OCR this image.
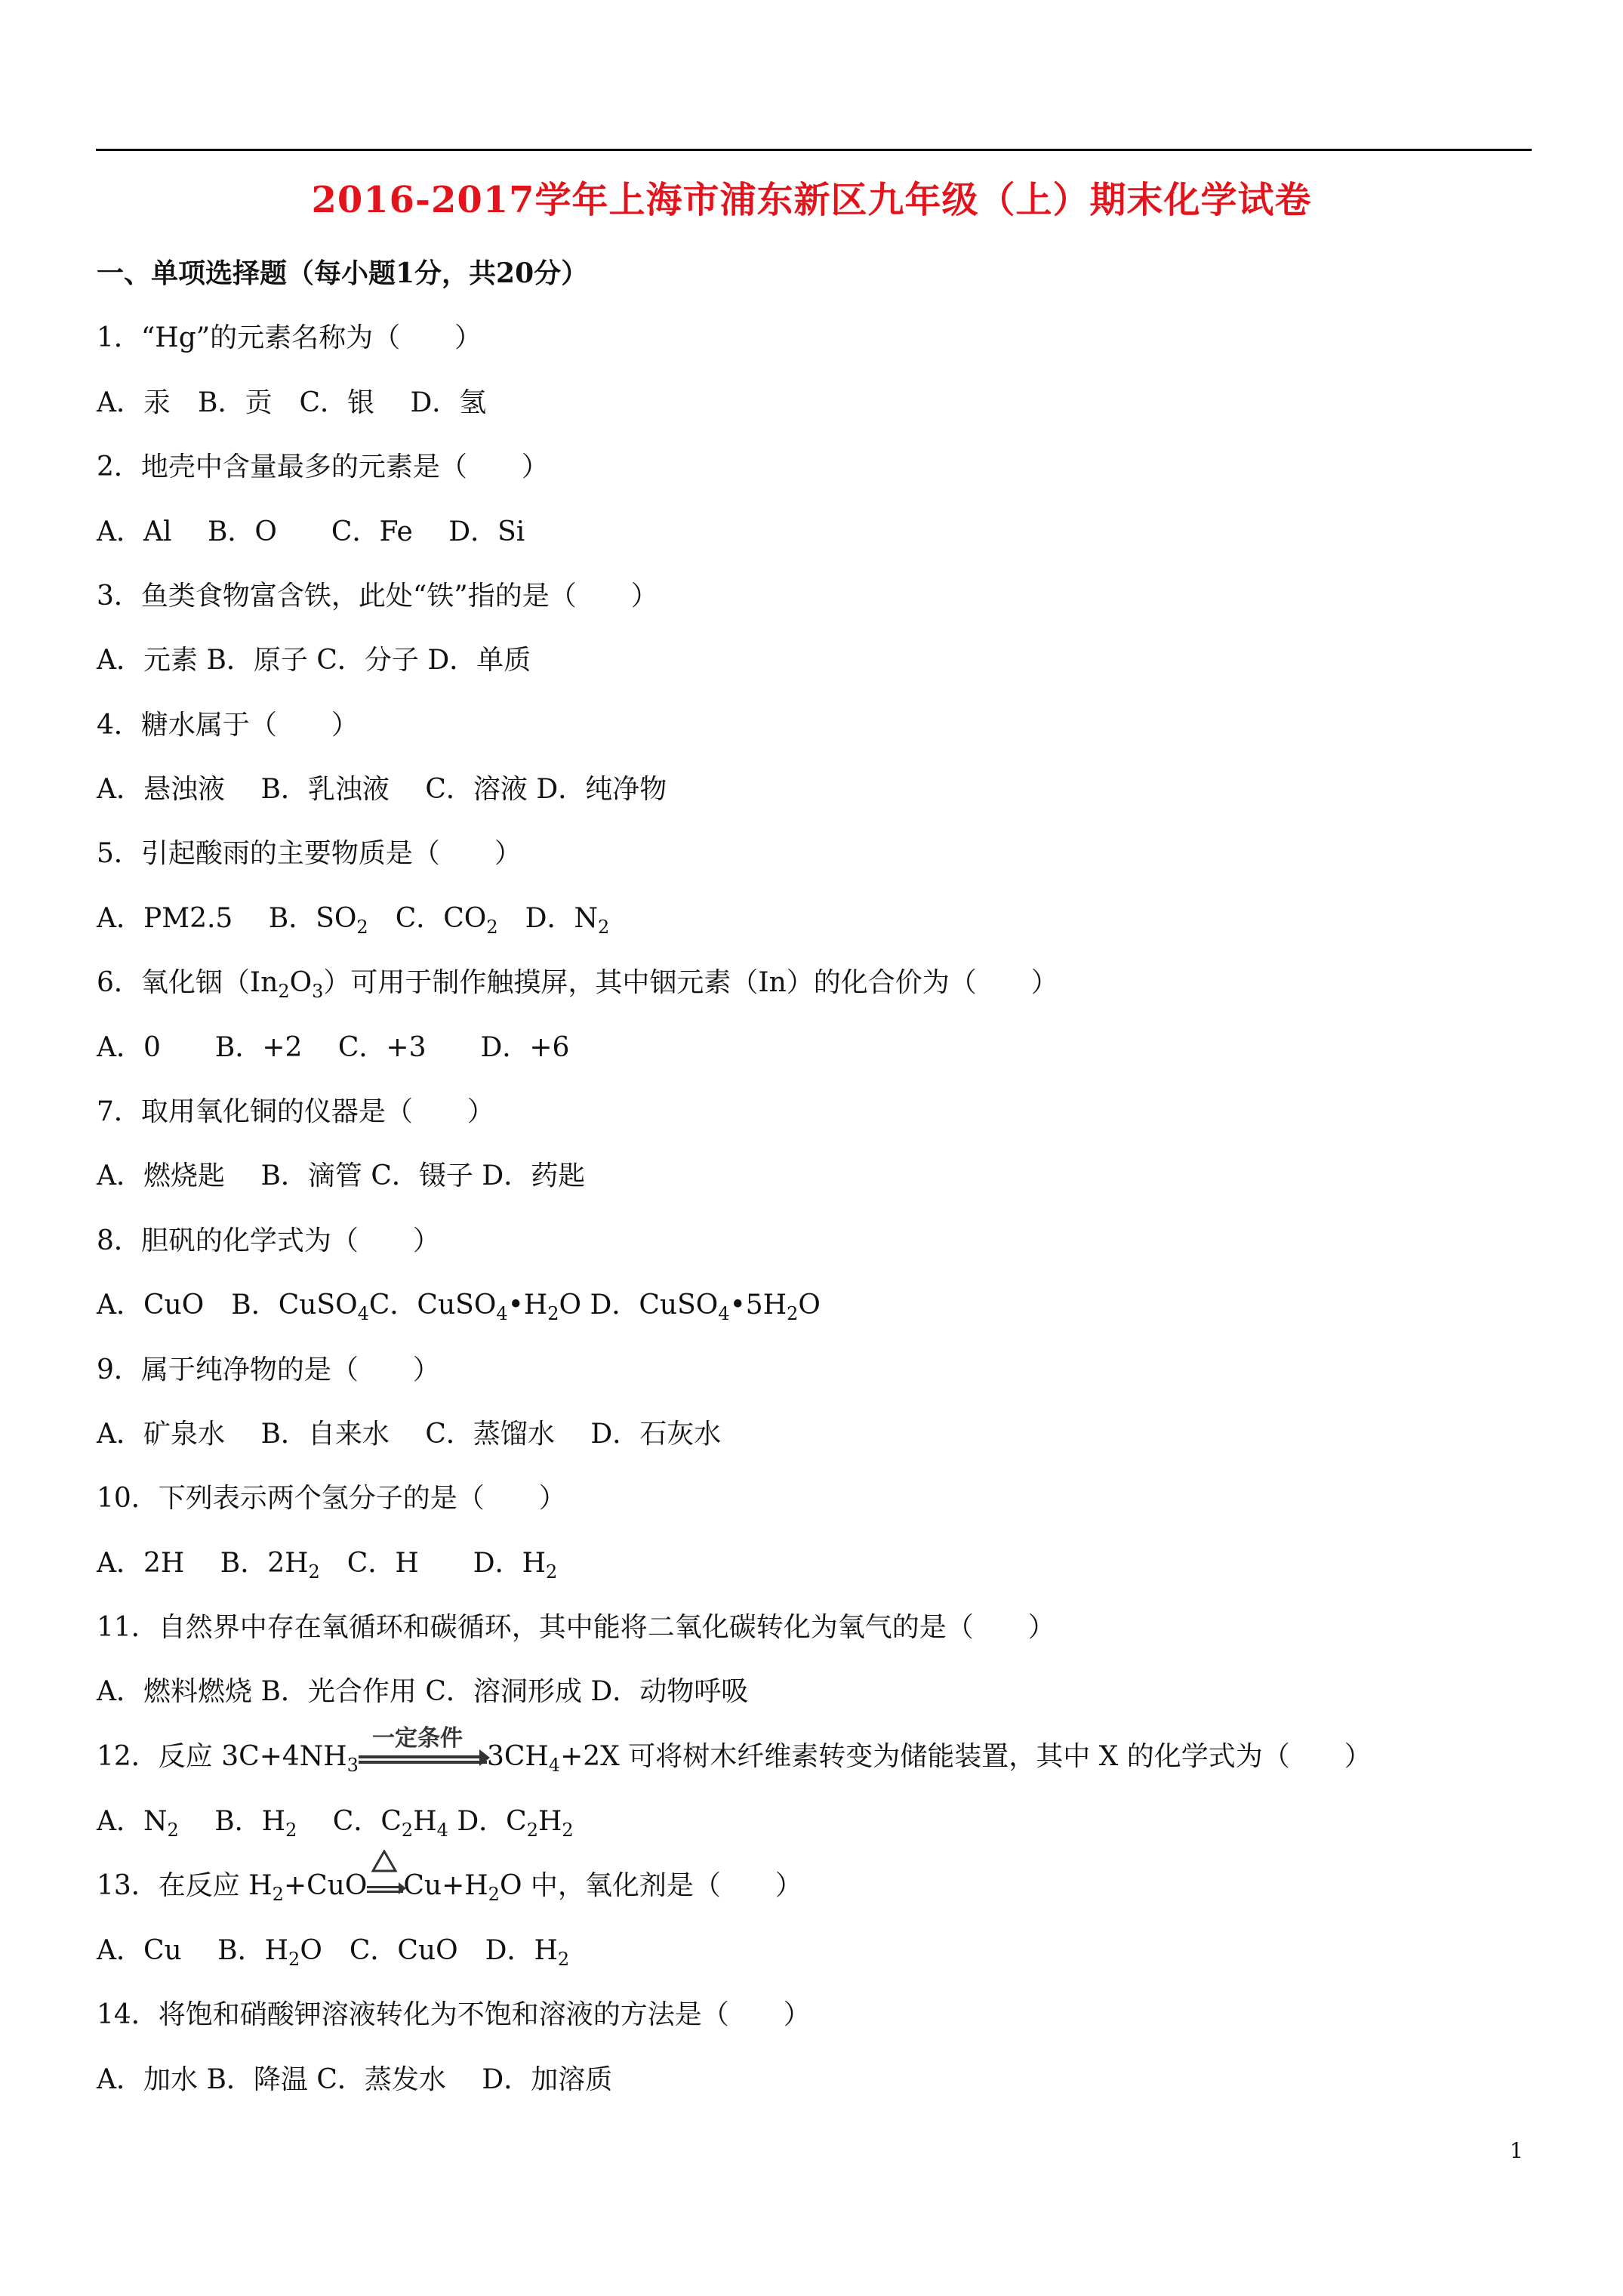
2016-2017学年上海市浦东新区九年级（上）期末化学试卷
一、单项选择题（每小题1分，共20分）
1．“Hg”的元素名称为（　　）
A．汞　B．贡　C．银　 D．氢
2．地壳中含量最多的元素是（　　）
A．Al　 B．O　　C．Fe　 D．Si
3．鱼类食物富含铁，此处“铁”指的是（　　）
A．元素 B．原子 C．分子 D．单质
4．糖水属于（　　）
A．悬浊液　 B．乳浊液　 C．溶液 D．纯净物
5．引起酸雨的主要物质是（　　）
A．PM2.5　 B．$SO_2$　C．$CO_2$　D．$N_2$
6．氧化铟$(In_2O_3)$可用于制作触摸屏，其中铟元素（In）的化合价为（　　）
A．0　　B．+2　 C．+3　　D．+6
7．取用氧化铜的仪器是（　　）
A．燃烧匙　 B．滴管 C．镊子 D．药匙
8．胆矾的化学式为（　　）
A．CuO　B．CuSO$_4$C．$CuSO_4•H_2O$ D．$CuSO_4•5H_2O$
9．属于纯净物的是（　　）
A．矿泉水　 B．自来水　 C．蒸馏水　 D．石灰水
10．下列表示两个氢分子的是（　　）
A．2H　 B．$2H_2$　C．H　　D．$H_2$
11．自然界中存在氧循环和碳循环，其中能将二氧化碳转化为氧气的是（　　）
A．燃料燃烧 B．光合作用 C．溶洞形成 D．动物呼吸
12．反应 $3C+4NH_3$
一定条件
$3CH_4+2X$ 可将树木纤维素转变为储能装置，其中 X 的化学式为（　　）
A．$N_2$　 B．$H_2$　 C．$C_2H_4$ D．$C_2H_2$
13．在反应 $H_2+CuO$ $Cu+H_2O$ 中，氧化剂是（　　）
A．Cu　 B．$H_2O$　C．CuO　D．$H_2$
14．将饱和硝酸钾溶液转化为不饱和溶液的方法是（　　）
A．加水 B．降温 C．蒸发水　 D．加溶质
1
